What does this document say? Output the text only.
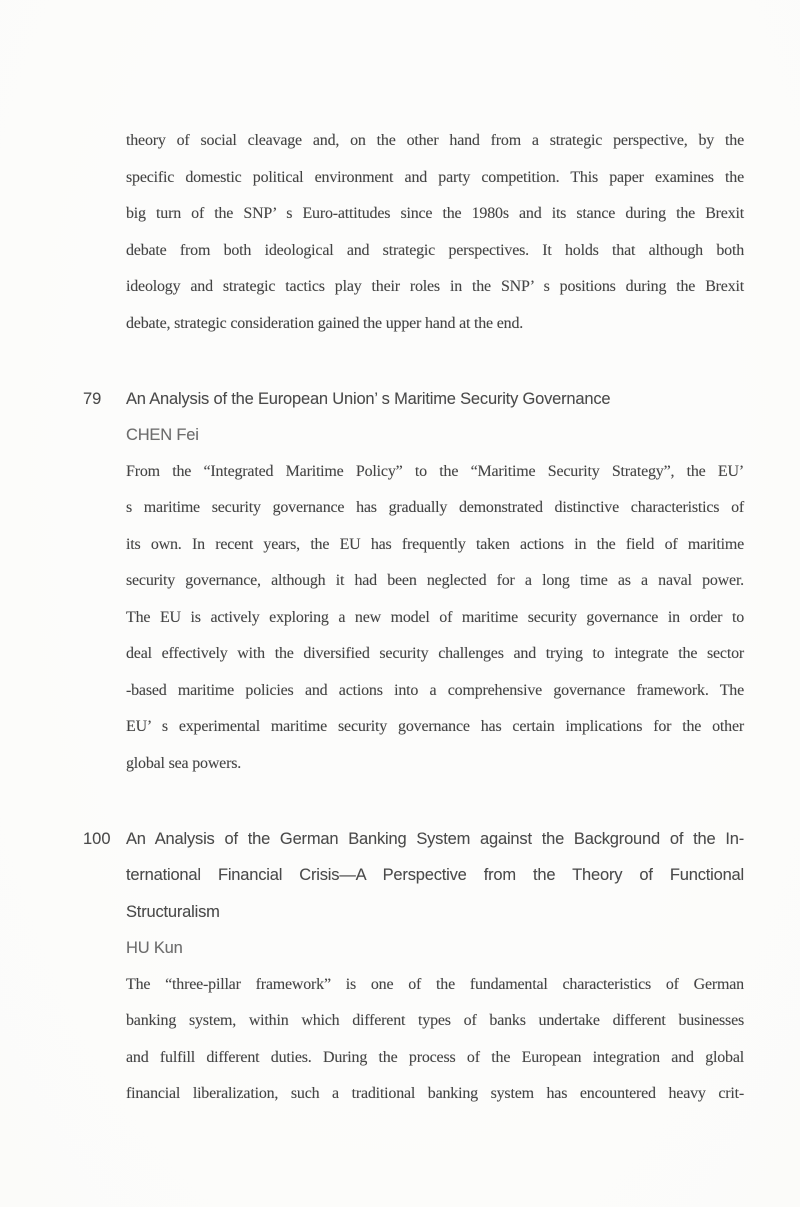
theory of social cleavage and, on the other hand from a strategic perspective, by the
specific domestic political environment and party competition. This paper examines the
big turn of the SNP’ s Euro-attitudes since the 1980s and its stance during the Brexit
debate from both ideological and strategic perspectives. It holds that although both
ideology and strategic tactics play their roles in the SNP’ s positions during the Brexit
debate, strategic consideration gained the upper hand at the end.
79 An Analysis of the European Union’ s Maritime Security Governance
CHEN Fei
From the “Integrated Maritime Policy” to the “Maritime Security Strategy”, the EU’
s maritime security governance has gradually demonstrated distinctive characteristics of
its own. In recent years, the EU has frequently taken actions in the field of maritime
security governance, although it had been neglected for a long time as a naval power.
The EU is actively exploring a new model of maritime security governance in order to
deal effectively with the diversified security challenges and trying to integrate the sector
-based maritime policies and actions into a comprehensive governance framework. The
EU’ s experimental maritime security governance has certain implications for the other
global sea powers.
100 An Analysis of the German Banking System against the Background of the In-
ternational Financial Crisis—A Perspective from the Theory of Functional
Structuralism
HU Kun
The “three-pillar framework” is one of the fundamental characteristics of German
banking system, within which different types of banks undertake different businesses
and fulfill different duties. During the process of the European integration and global
financial liberalization, such a traditional banking system has encountered heavy crit-
